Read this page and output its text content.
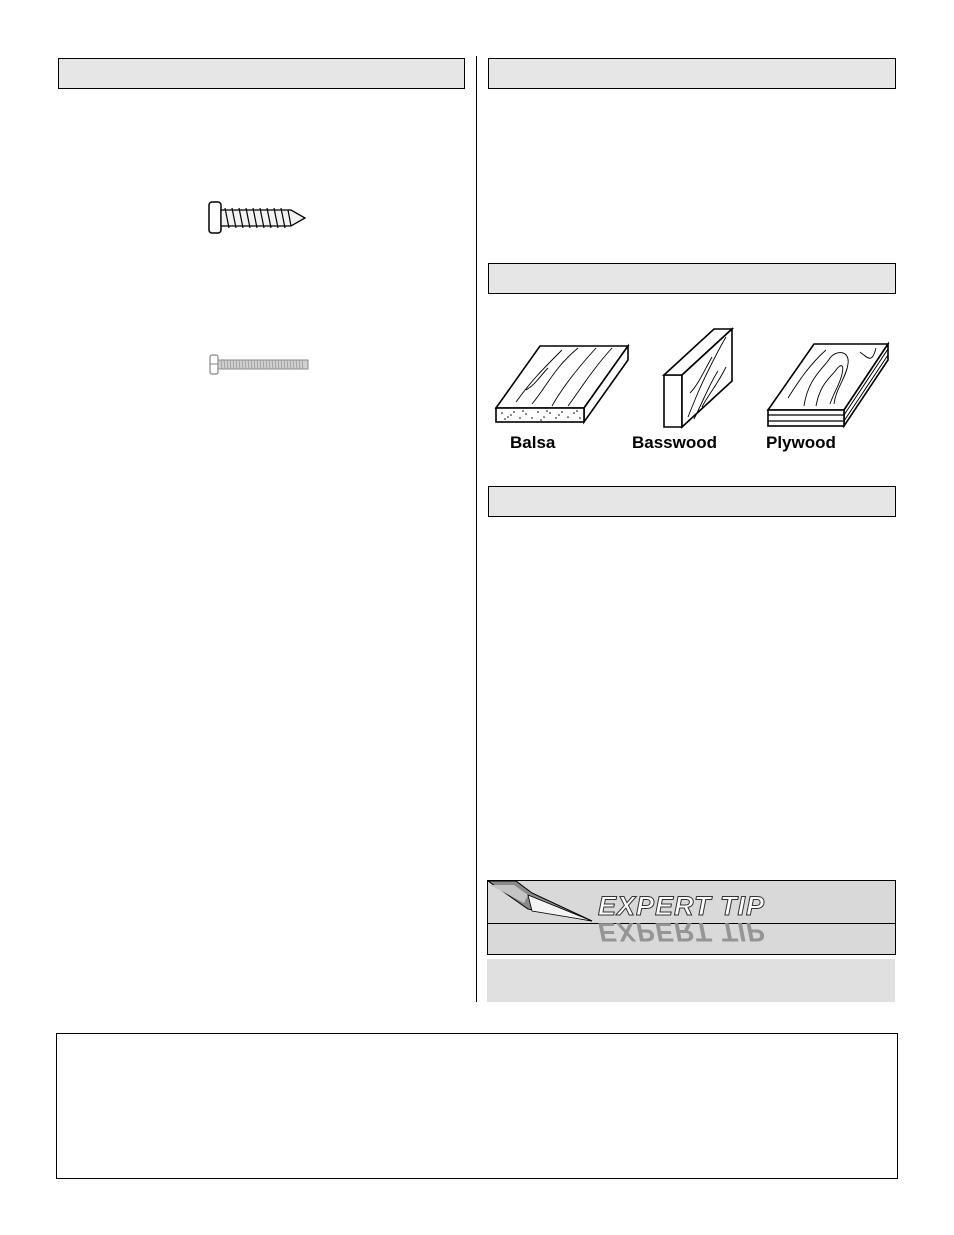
Balsa	Basswood	Plywood
EXPERT TIP
EXPERT TIP
